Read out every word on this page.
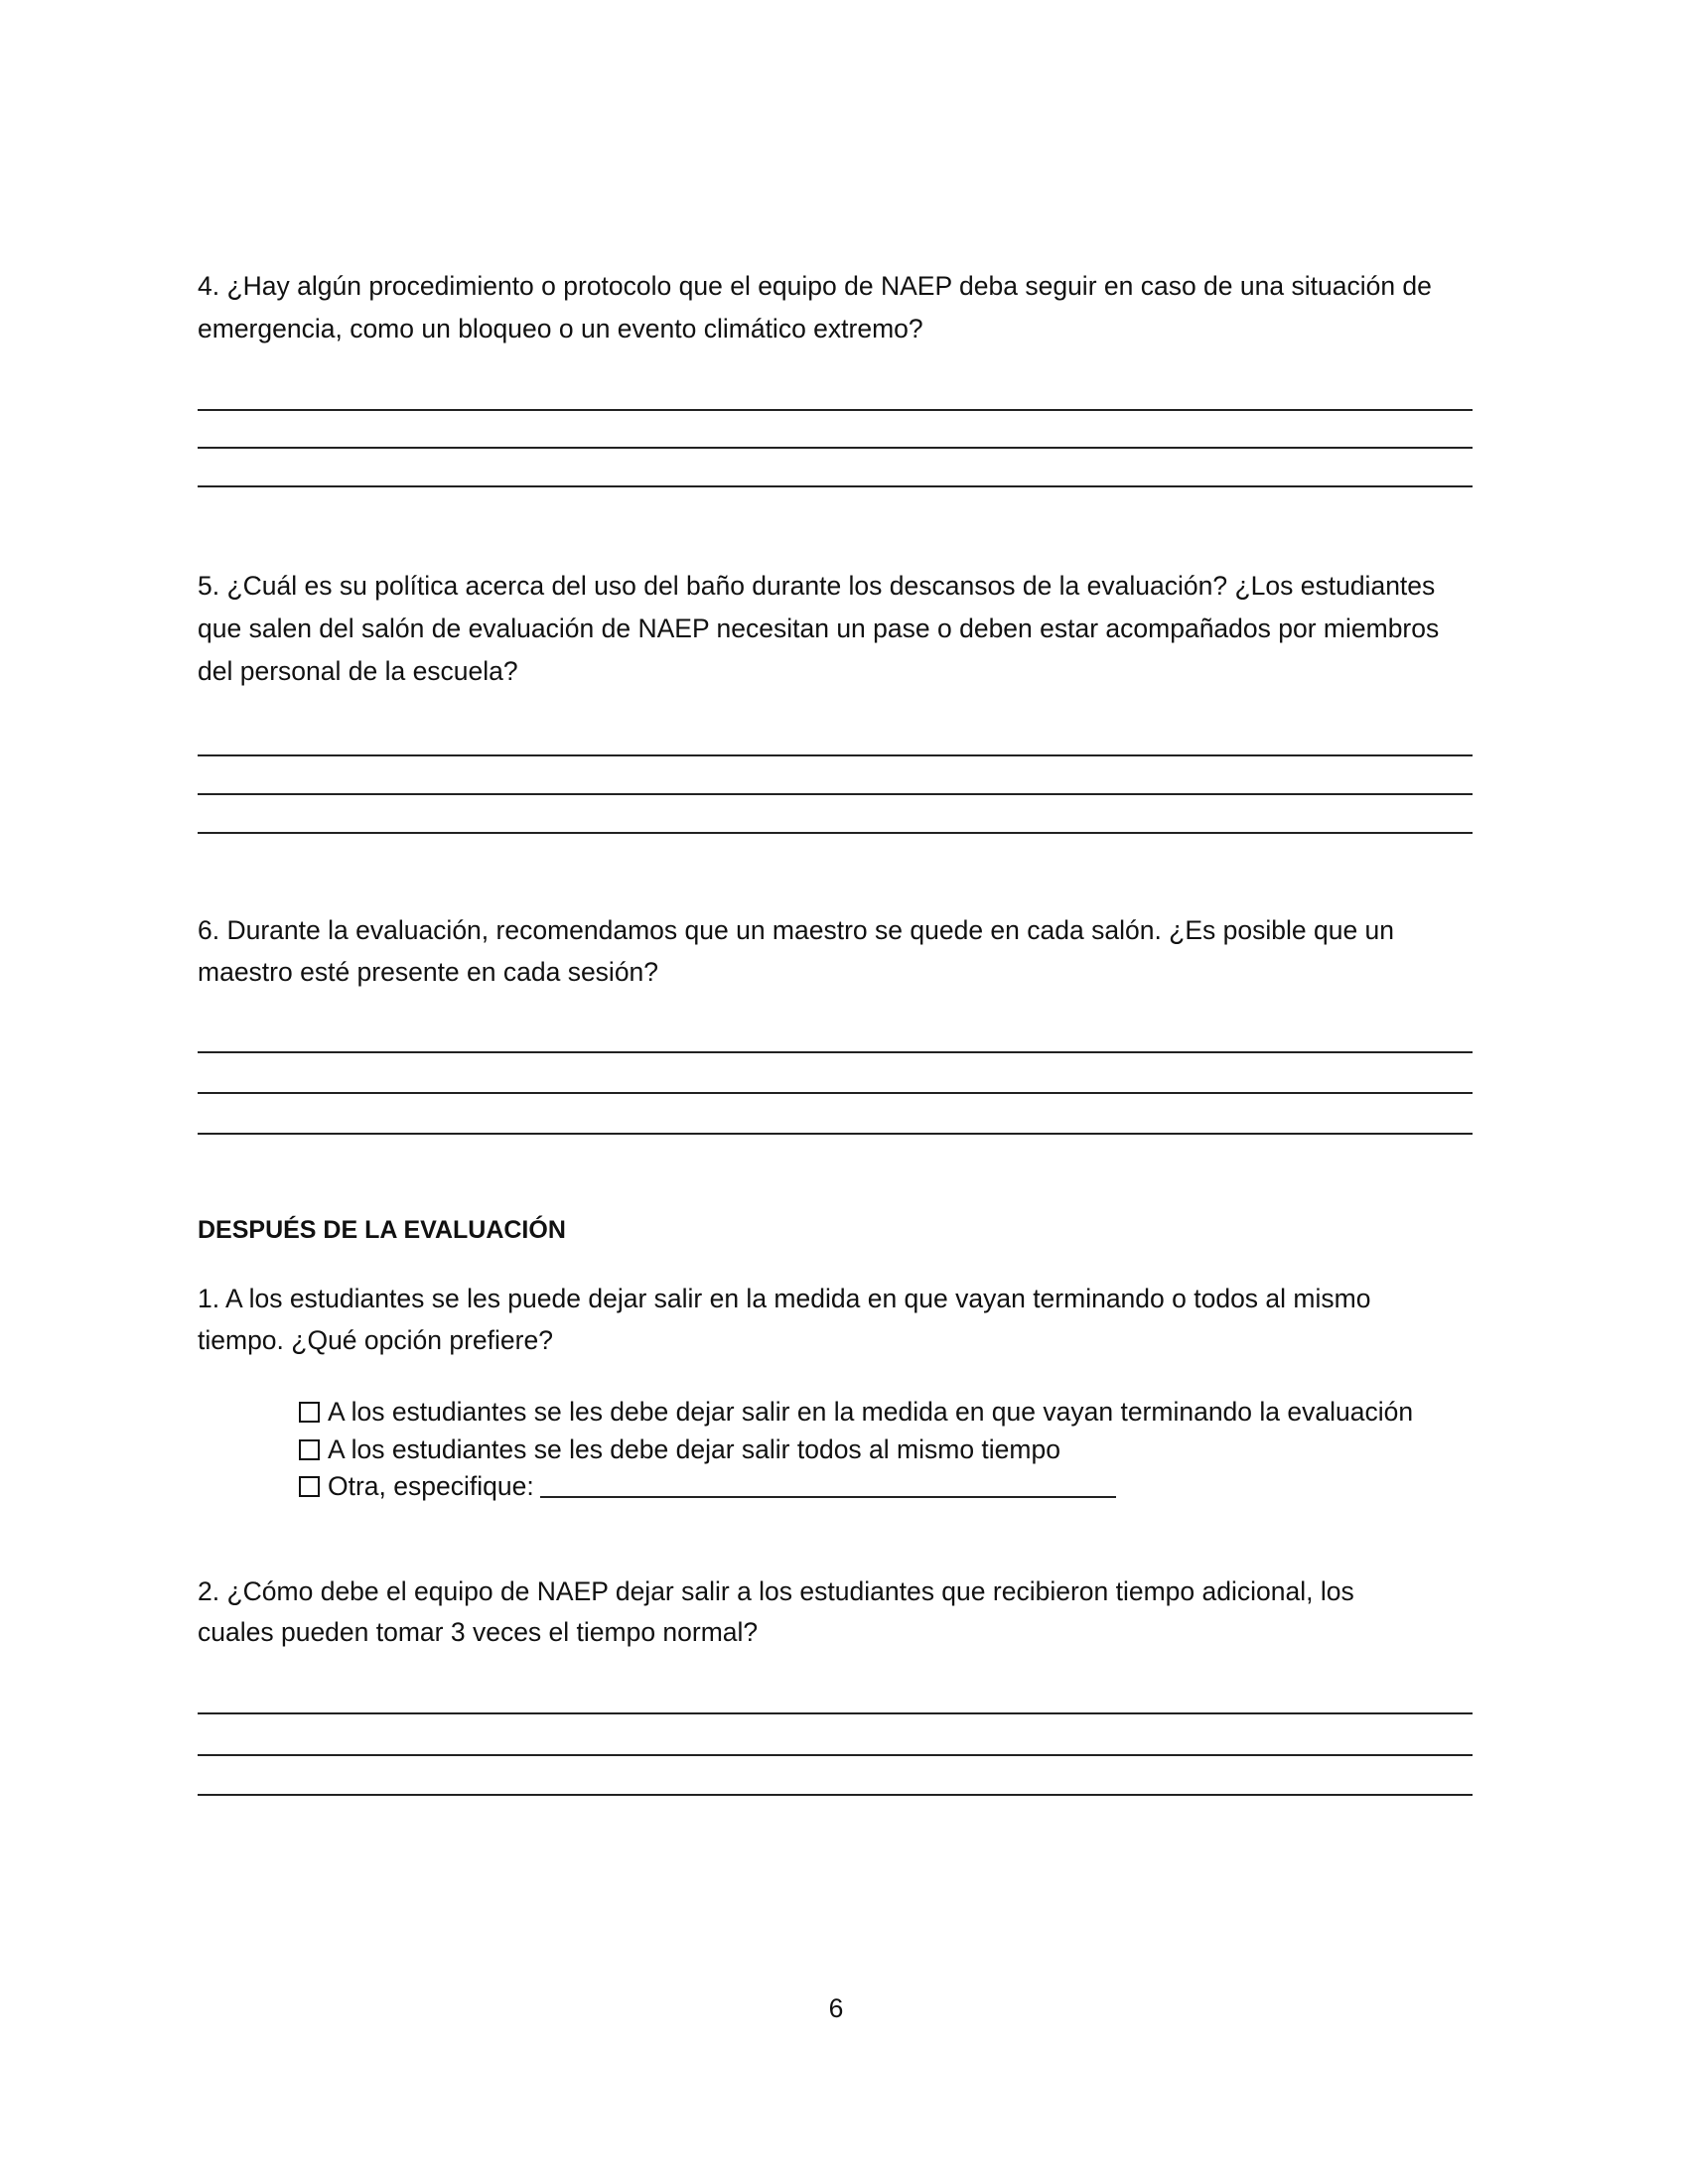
4. ¿Hay algún procedimiento o protocolo que el equipo de NAEP deba seguir en caso de una situación de
emergencia, como un bloqueo o un evento climático extremo?
5. ¿Cuál es su política acerca del uso del baño durante los descansos de la evaluación? ¿Los estudiantes
que salen del salón de evaluación de NAEP necesitan un pase o deben estar acompañados por miembros
del personal de la escuela?
6. Durante la evaluación, recomendamos que un maestro se quede en cada salón. ¿Es posible que un
maestro esté presente en cada sesión?
DESPUÉS DE LA EVALUACIÓN
1. A los estudiantes se les puede dejar salir en la medida en que vayan terminando o todos al mismo
tiempo. ¿Qué opción prefiere?
A los estudiantes se les debe dejar salir en la medida en que vayan terminando la evaluación
A los estudiantes se les debe dejar salir todos al mismo tiempo
Otra, especifique:
2. ¿Cómo debe el equipo de NAEP dejar salir a los estudiantes que recibieron tiempo adicional, los
cuales pueden tomar 3 veces el tiempo normal?
6
